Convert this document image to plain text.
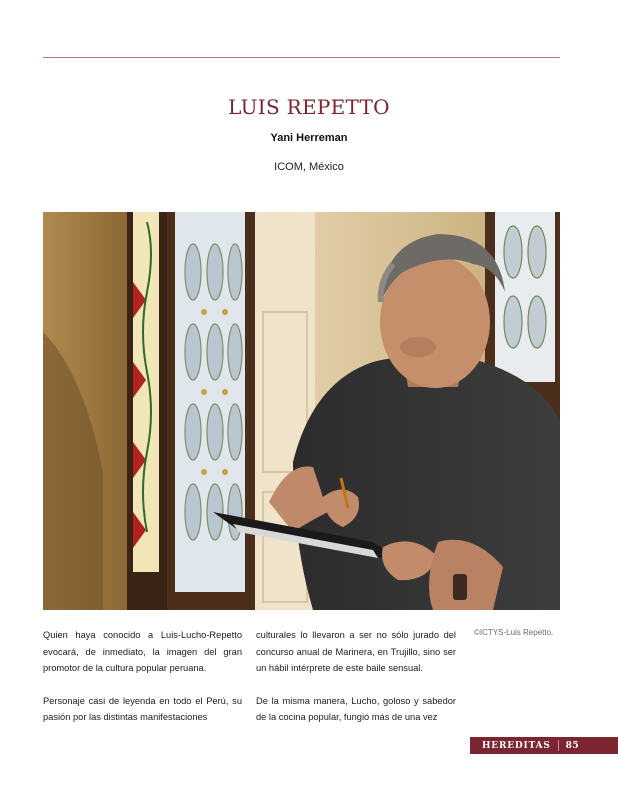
LUIS REPETTO
Yani Herreman
ICOM, México

Quien haya conocido a Luis-Lucho-Repetto evocará, de inmediato, la imagen del gran promotor de la cultura popular peruana.

Personaje casi de leyenda en todo el Perú, su pasión por las distintas manifestaciones

culturales lo llevaron a ser no sólo jurado del concurso anual de Marinera, en Trujillo, sino ser un hábil intérprete de este baile sensual.

De la misma manera, Lucho, goloso y sabedor de la cocina popular, fungió más de una vez

©ICTYS-Luis Repetto.
HEREDITAS 85
